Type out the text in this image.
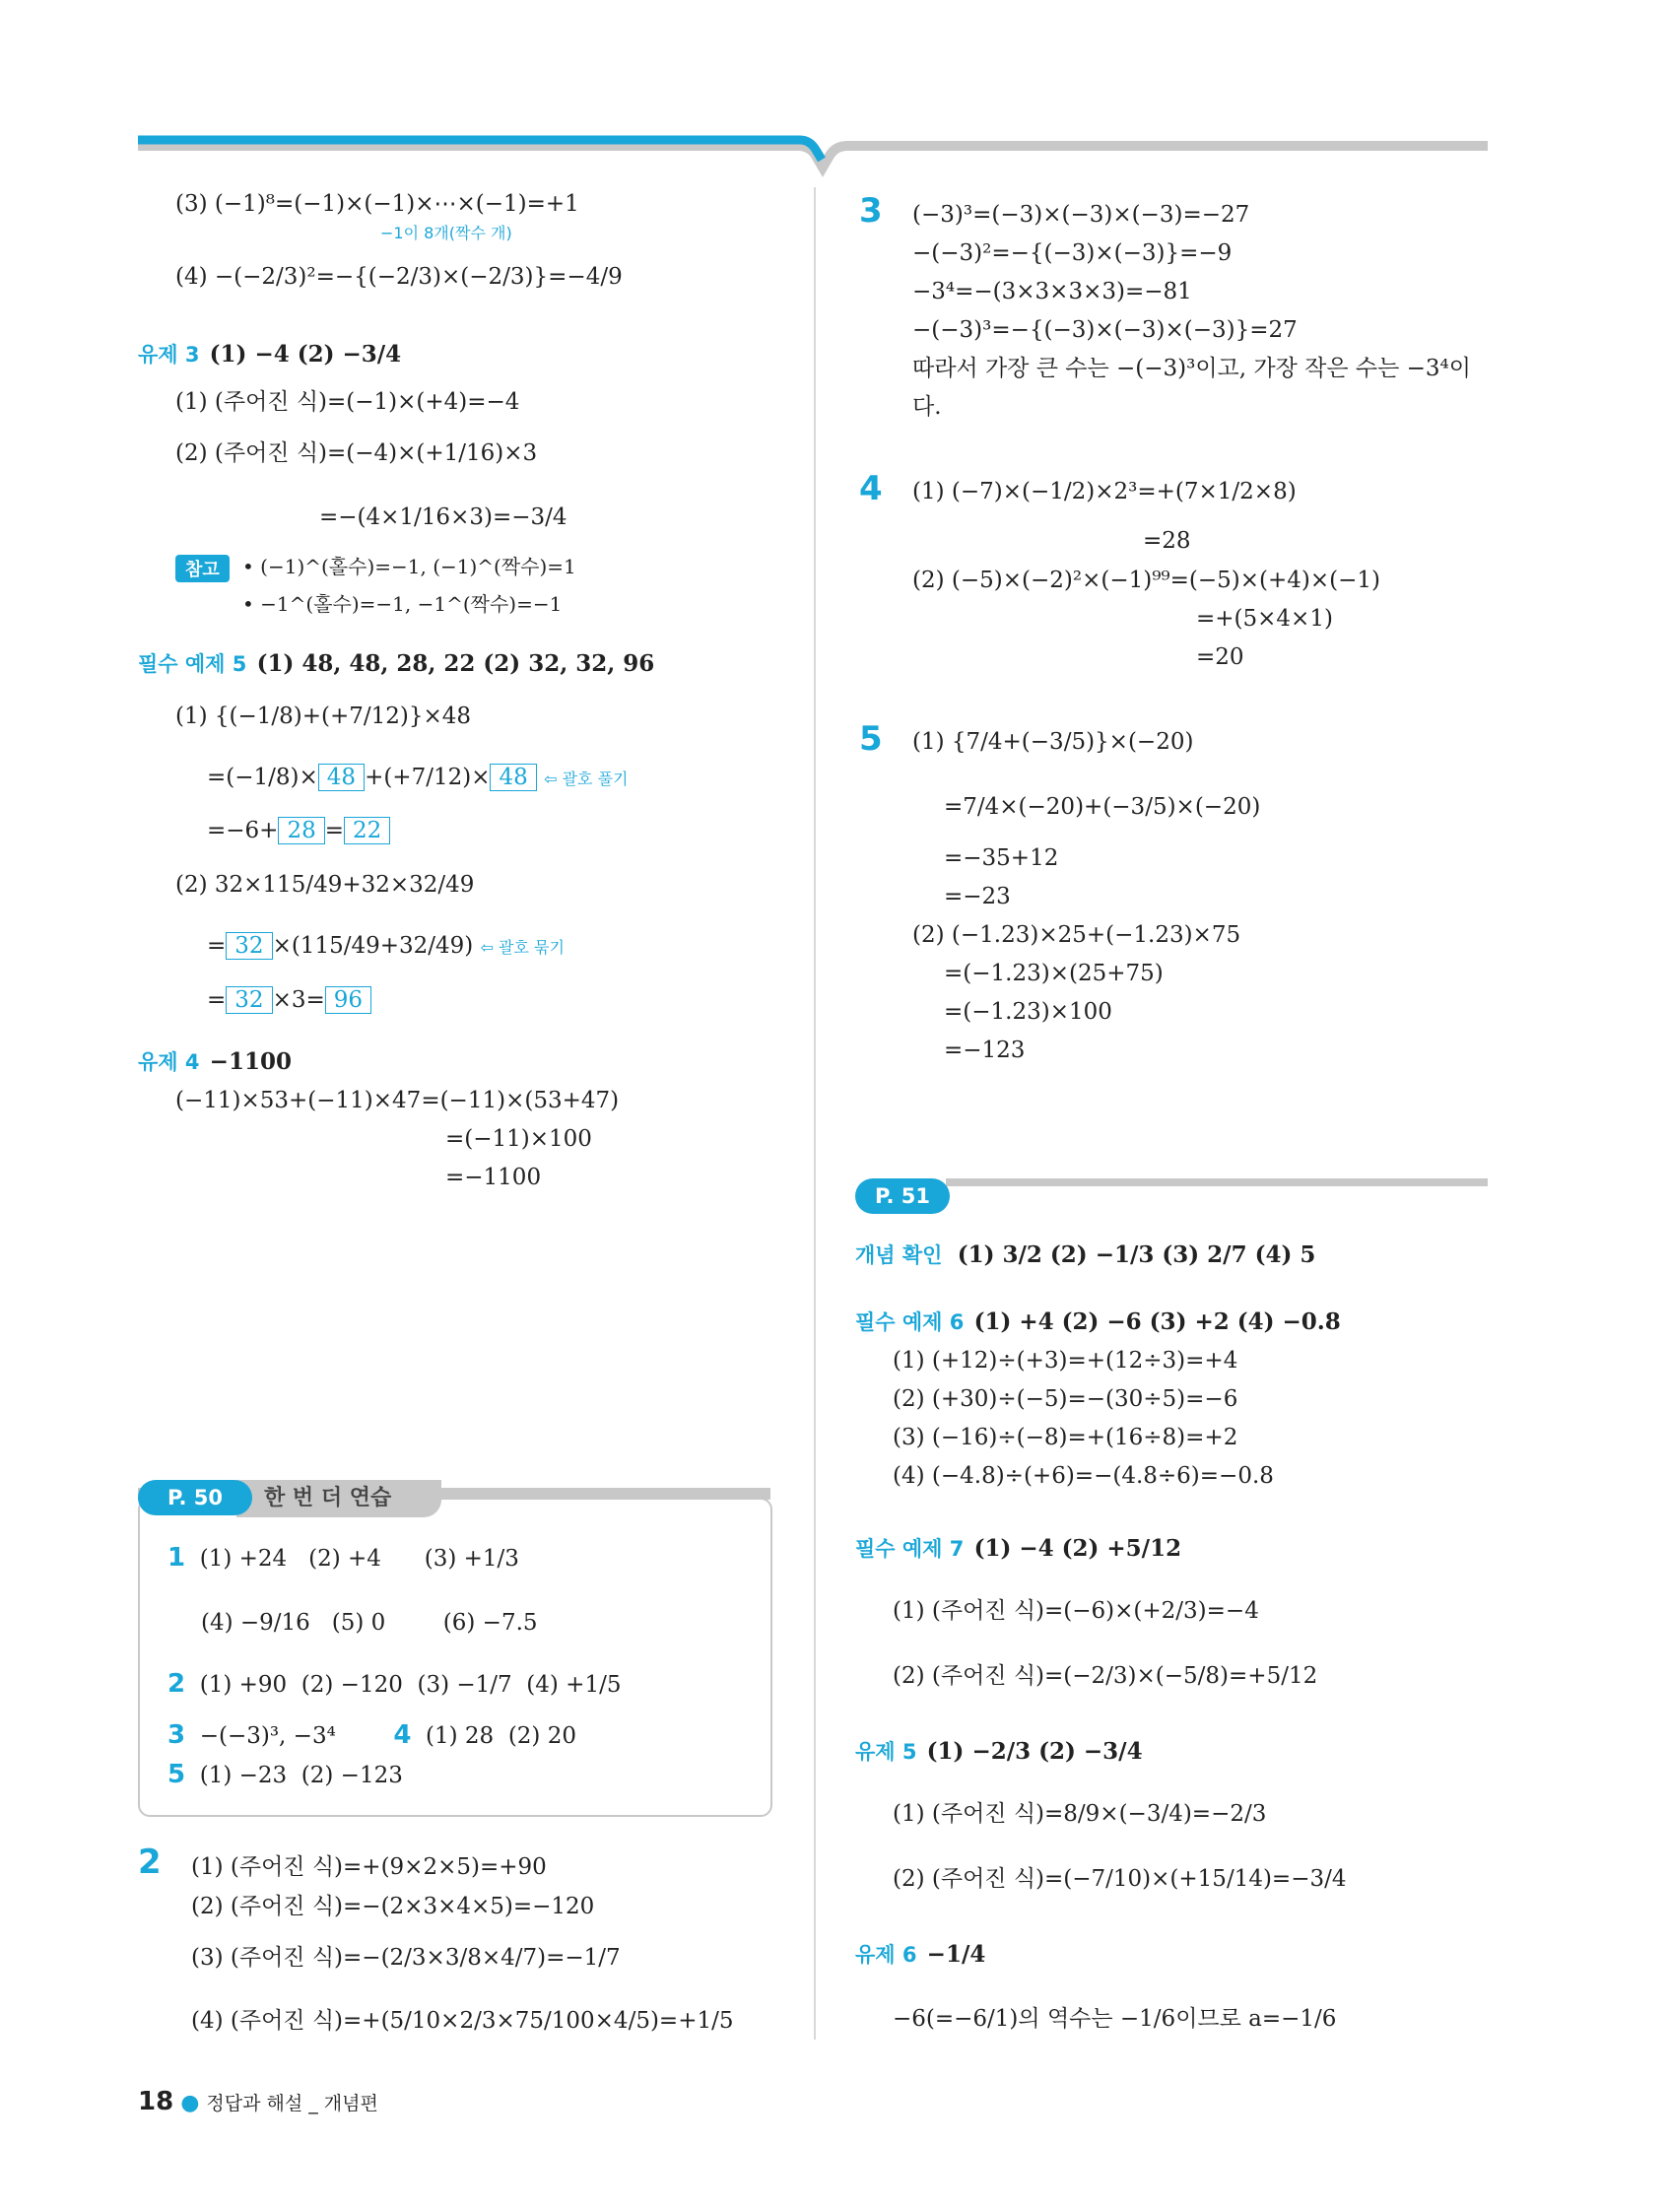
(3) (−1)⁸=(−1)×(−1)×⋯×(−1)=+1
−1이 8개(짝수 개)
(4) −(−2/3)²=−{(−2/3)×(−2/3)}=−4/9
유제 3 (1) −4 (2) −3/4
(1) (주어진 식)=(−1)×(+4)=−4
(2) (주어진 식)=(−4)×(+1/16)×3
=−(4×1/16×3)=−3/4
참고	• (−1)^(홀수)=−1, (−1)^(짝수)=1
• −1^(홀수)=−1, −1^(짝수)=−1
필수 예제 5 (1) 48, 48, 28, 22 (2) 32, 32, 96
(1) {(−1/8)+(+7/12)}×48
=(−1/8)× 48 +(+7/12)× 48 ⇦ 괄호 풀기
=−6+ 28 = 22
(2) 32×115/49+32×32/49
= 32 ×(115/49+32/49) ⇦ 괄호 묶기
= 32 ×3= 96
유제 4 −1100
(−11)×53+(−11)×47=(−11)×(53+47)
=(−11)×100
=−1100
한 번 더 연습
P. 50
1 (1) +24 (2) +4 (3) +1/3
(4) −9/16 (5) 0	(6) −7.5
2 (1) +90 (2) −120 (3) −1/7 (4) +1/5
3 −(−3)³, −3⁴ 4 (1) 28 (2) 20
5 (1) −23 (2) −123
2 (1) (주어진 식)=+(9×2×5)=+90
(2) (주어진 식)=−(2×3×4×5)=−120
(3) (주어진 식)=−(2/3×3/8×4/7)=−1/7
(4) (주어진 식)=+(5/10×2/3×75/100×4/5)=+1/5
3 (−3)³=(−3)×(−3)×(−3)=−27
−(−3)²=−{(−3)×(−3)}=−9
−3⁴=−(3×3×3×3)=−81
−(−3)³=−{(−3)×(−3)×(−3)}=27
따라서 가장 큰 수는 −(−3)³이고, 가장 작은 수는 −3⁴이
다.
4 (1) (−7)×(−1/2)×2³=+(7×1/2×8)
=28
(2) (−5)×(−2)²×(−1)⁹⁹=(−5)×(+4)×(−1)
=+(5×4×1)
=20
5 (1) {7/4+(−3/5)}×(−20)
=7/4×(−20)+(−3/5)×(−20)
=−35+12
=−23
(2) (−1.23)×25+(−1.23)×75
=(−1.23)×(25+75)
=(−1.23)×100
=−123
P. 51
개념 확인 (1) 3/2 (2) −1/3 (3) 2/7 (4) 5
필수 예제 6 (1) +4 (2) −6 (3) +2 (4) −0.8
(1) (+12)÷(+3)=+(12÷3)=+4
(2) (+30)÷(−5)=−(30÷5)=−6
(3) (−16)÷(−8)=+(16÷8)=+2
(4) (−4.8)÷(+6)=−(4.8÷6)=−0.8
필수 예제 7 (1) −4 (2) +5/12
(1) (주어진 식)=(−6)×(+2/3)=−4
(2) (주어진 식)=(−2/3)×(−5/8)=+5/12
유제 5 (1) −2/3 (2) −3/4
(1) (주어진 식)=8/9×(−3/4)=−2/3
(2) (주어진 식)=(−7/10)×(+15/14)=−3/4
유제 6 −1/4
−6(=−6/1)의 역수는 −1/6이므로 a=−1/6
18 ● 정답과 해설 _ 개념편
